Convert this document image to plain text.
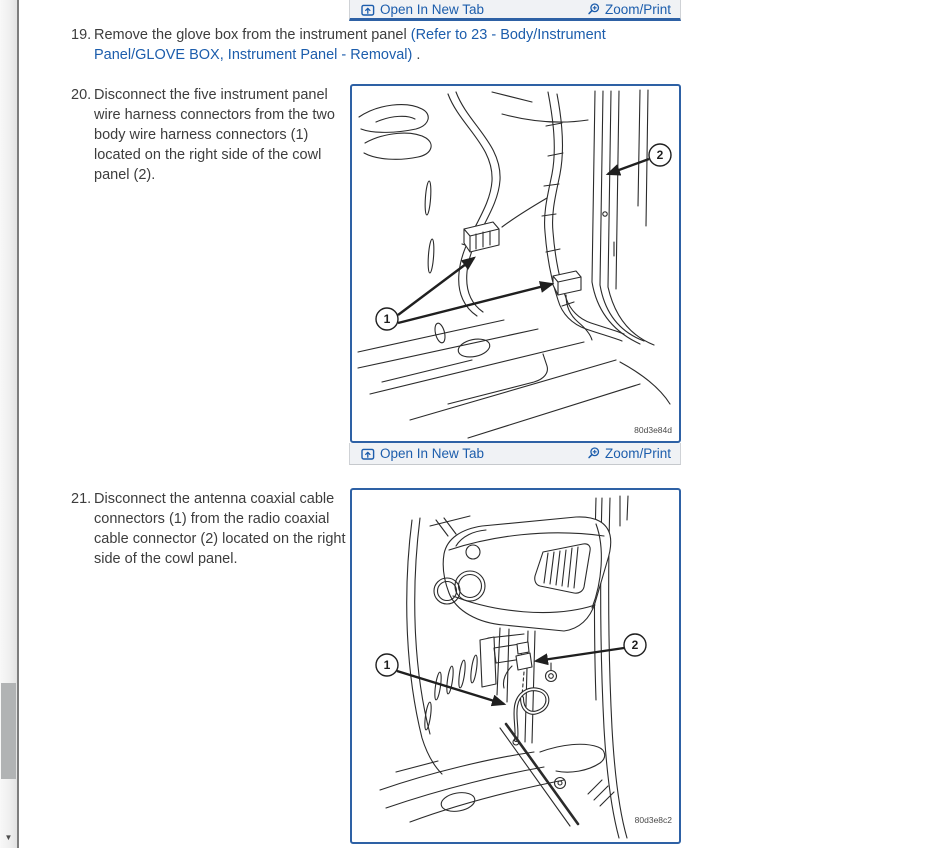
▼
Open In New Tab	Zoom/Print
19. Remove the glove box from the instrument panel (Refer to 23 - Body/Instrument Panel/GLOVE BOX, Instrument Panel - Removal) .
20. Disconnect the five instrument panel wire harness connectors from the two body wire harness connectors (1) located on the right side of the cowl panel (2).
1
2
80d3e84d
Open In New Tab	Zoom/Print
21. Disconnect the antenna coaxial cable connectors (1) from the radio coaxial cable connector (2) located on the right side of the cowl panel.
1
2
80d3e8c2
